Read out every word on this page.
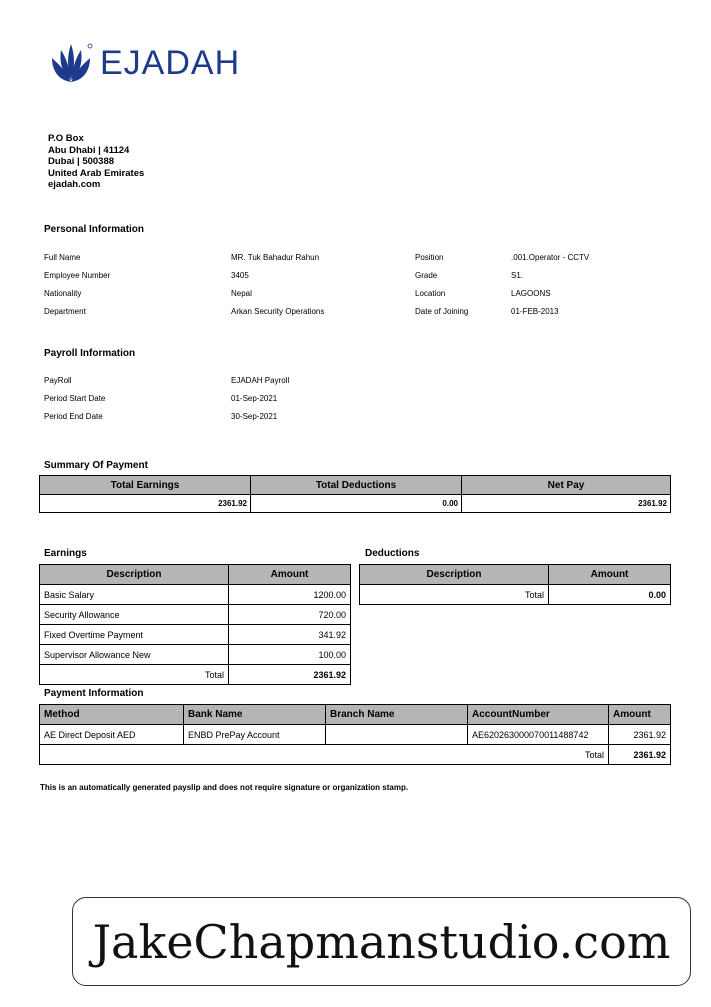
EJADAH
P.O Box
Abu Dhabi | 41124
Dubai | 500388
United Arab Emirates
ejadah.com
Personal Information
Full Name	MR. Tuk Bahadur Rahun	Position	.001.Operator - CCTV
Employee Number	3405	Grade	S1.
Nationality	Nepal	Location	LAGOONS
Department	Arkan Security Operations	Date of Joining	01-FEB-2013
Payroll Information
PayRoll	EJADAH Payroll
Period Start Date	01-Sep-2021
Period End Date	30-Sep-2021
Summary Of Payment
Total Earnings	Total Deductions	Net Pay
2361.92	0.00	2361.92
Earnings
Description	Amount
Basic Salary	1200.00
Security Allowance	720.00
Fixed Overtime Payment	341.92
Supervisor Allowance New	100.00
Total	2361.92
Deductions
Description	Amount
Total	0.00
Payment Information
Method	Bank Name	Branch Name	AccountNumber	Amount
AE Direct Deposit AED	ENBD PrePay Account		AE620263000070011488742	2361.92
Total				2361.92
This is an automatically generated payslip and does not require signature or organization stamp.
JakeChapmanstudio.com
